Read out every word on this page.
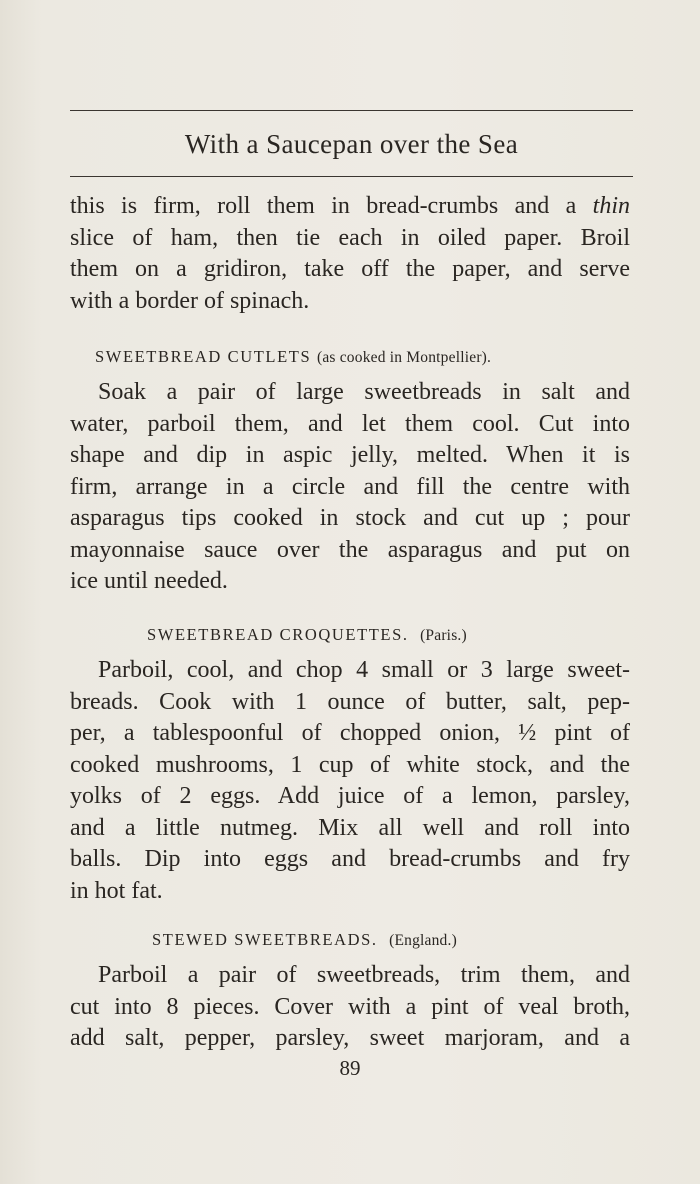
With a Saucepan over the Sea
this is firm, roll them in bread-crumbs and a thin
slice of ham, then tie each in oiled paper. Broil
them on a gridiron, take off the paper, and serve
with a border of spinach.
SWEETBREAD CUTLETS (as cooked in Montpellier).
Soak a pair of large sweetbreads in salt and
water, parboil them, and let them cool. Cut into
shape and dip in aspic jelly, melted. When it is
firm, arrange in a circle and fill the centre with
asparagus tips cooked in stock and cut up ; pour
mayonnaise sauce over the asparagus and put on
ice until needed.
SWEETBREAD CROQUETTES. (Paris.)
Parboil, cool, and chop 4 small or 3 large sweet-
breads. Cook with 1 ounce of butter, salt, pep-
per, a tablespoonful of chopped onion, ½ pint of
cooked mushrooms, 1 cup of white stock, and the
yolks of 2 eggs. Add juice of a lemon, parsley,
and a little nutmeg. Mix all well and roll into
balls. Dip into eggs and bread-crumbs and fry
in hot fat.
STEWED SWEETBREADS. (England.)
Parboil a pair of sweetbreads, trim them, and
cut into 8 pieces. Cover with a pint of veal broth,
add salt, pepper, parsley, sweet marjoram, and a
89
